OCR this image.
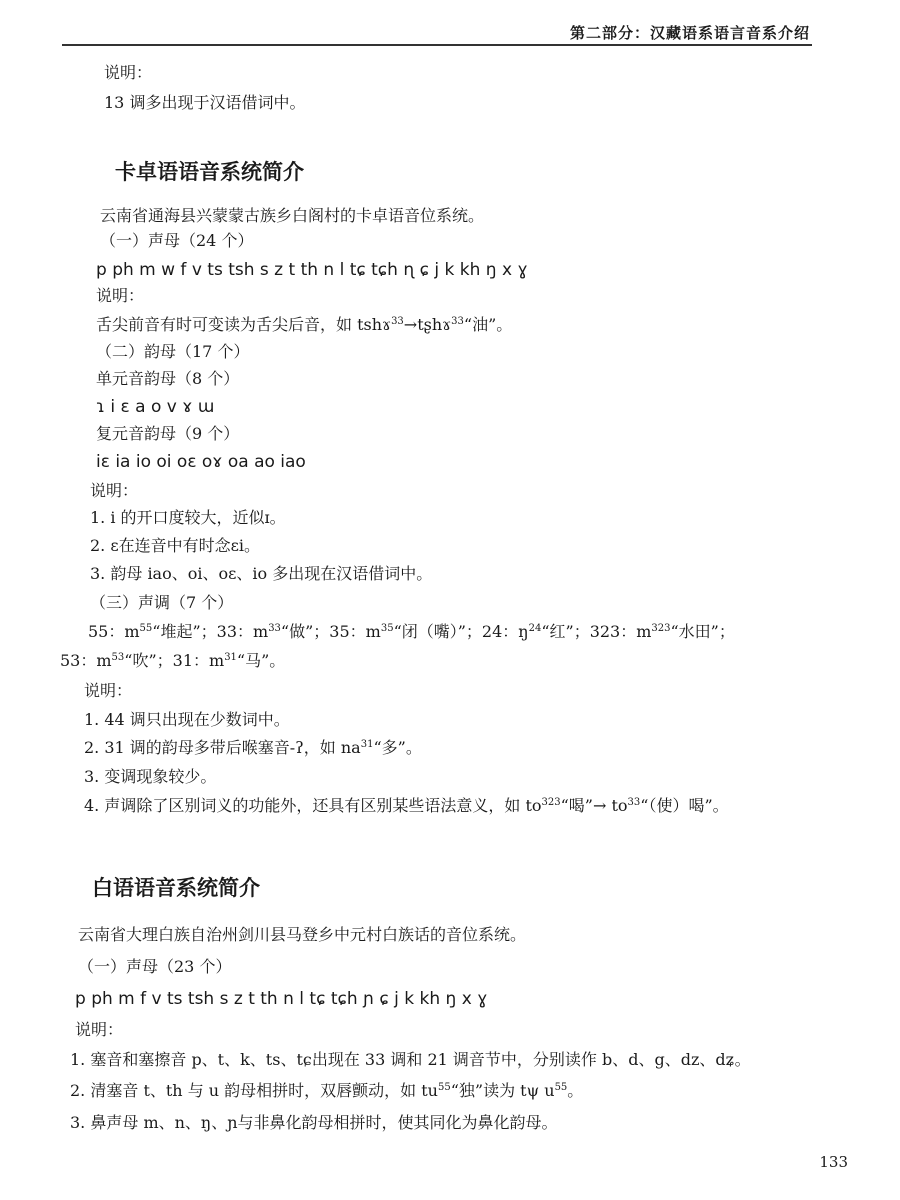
第二部分：汉藏语系语言音系介绍
说明：
13 调多出现于汉语借词中。
卡卓语语音系统简介
云南省通海县兴蒙蒙古族乡白阁村的卡卓语音位系统。
（一）声母（24 个）
p ph m w f v ts tsh s z t th n l tɕ tɕh ɳ ɕ j k kh ŋ x ɣ
说明：
舌尖前音有时可变读为舌尖后音，如 tshɤ$^{33}$→tʂhɤ$^{33}$“油”。
（二）韵母（17 个）
单元音韵母（8 个）
ɿ i ɛ a o v ɤ ɯ
复元音韵母（9 个）
iɛ ia io oi oɛ oɤ oa ao iao
说明：
1. i 的开口度较大，近似ɪ。
2. ɛ在连音中有时念ɛi。
3. 韵母 iao、oi、oɛ、io 多出现在汉语借词中。
（三）声调（7 个）
55：$m^{55}“$堆起”；33：$m^{33}“$做”；35：$m^{35}“$闭（嘴）”；24：$ŋ^{24}“$红”；323：$m^{323}“$水田”；
53：$m^{53}“$吹”；31：$m^{31}“$马”。
说明：
1. 44 调只出现在少数词中。
2. 31 调的韵母多带后喉塞音-ʔ，如 $na^{31}“$多”。
3. 变调现象较少。
4. 声调除了区别词义的功能外，还具有区别某些语法意义，如 $to^{323}“$喝”→ $to^{33}“$（使）喝”。
白语语音系统简介
云南省大理白族自治州剑川县马登乡中元村白族话的音位系统。
（一）声母（23 个）
p ph m f v ts tsh s z t th n l tɕ tɕh ɲ ɕ j k kh ŋ x ɣ
说明：
1. 塞音和塞擦音 p、t、k、ts、tɕ出现在 33 调和 21 调音节中，分别读作 b、d、g、dz、dʑ。
2. 清塞音 t、th 与 u 韵母相拼时，双唇颤动，如 $tu^{55}“$独”读为 tψ $u^{55}$。
3. 鼻声母 m、n、ŋ、ɲ与非鼻化韵母相拼时，使其同化为鼻化韵母。
133
